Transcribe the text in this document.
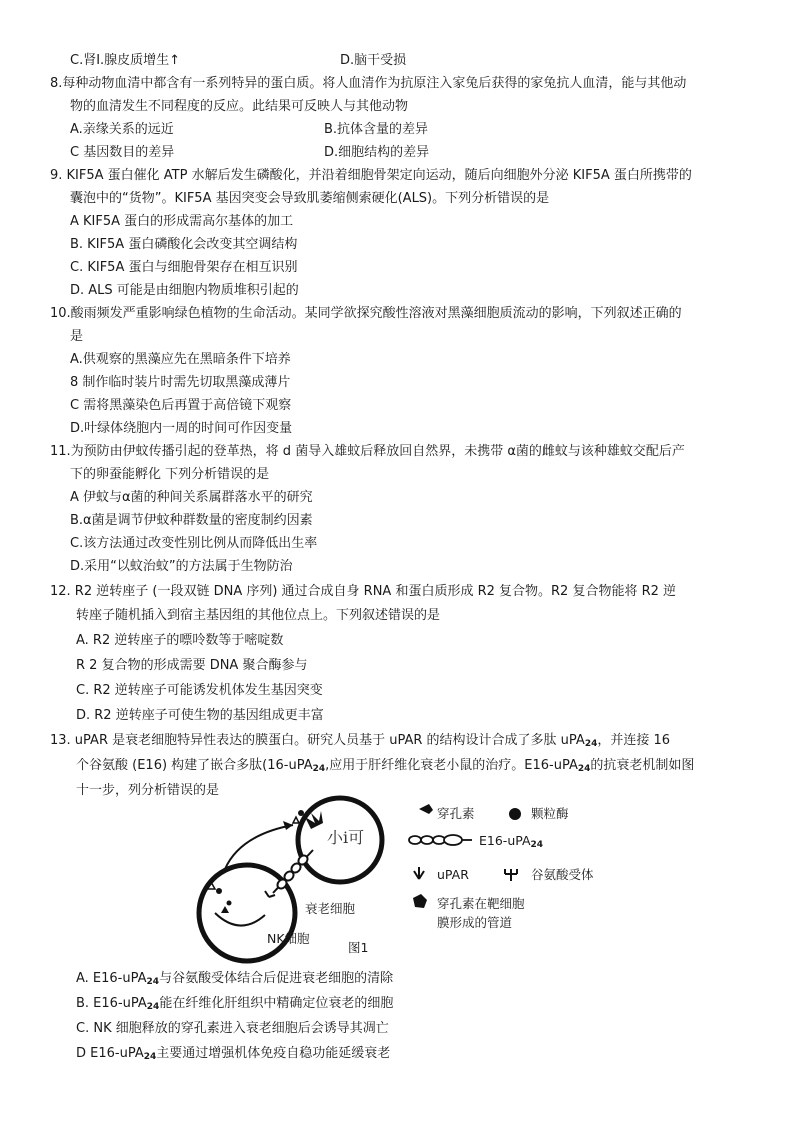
C.肾Ⅰ.腺皮质增生↑	D.脑干受损
8.每种动物血清中都含有一系列特异的蛋白质。将人血清作为抗原注入家兔后获得的家兔抗人血清，能与其他动
物的血清发生不同程度的反应。此结果可反映人与其他动物
A.亲缘关系的远近	B.抗体含量的差异
C 基因数目的差异	D.细胞结构的差异
9. KIF5A 蛋白催化 ATP 水解后发生磷酸化，并沿着细胞骨架定向运动，随后向细胞外分泌 KIF5A 蛋白所携带的
囊泡中的“货物”。KIF5A 基因突变会导致肌萎缩侧索硬化(ALS)。下列分析错误的是
A KIF5A 蛋白的形成需高尔基体的加工
B. KIF5A 蛋白磷酸化会改变其空调结构
C. KIF5A 蛋白与细胞骨架存在相互识别
D. ALS 可能是由细胞内物质堆积引起的
10.酸雨频发严重影响绿色植物的生命活动。某同学欲探究酸性溶液对黑藻细胞质流动的影响，下列叙述正确的
是
A.供观察的黑藻应先在黑暗条件下培养
8 制作临时装片时需先切取黑藻成薄片
C 需将黑藻染色后再置于高倍镜下观察
D.叶绿体绕胞内一周的时间可作因变量
11.为预防由伊蚊传播引起的登革热，将 d 菌导入雄蚊后释放回自然界，未携带 α菌的雌蚊与该种雄蚊交配后产
下的卵蚕能孵化 下列分析错误的是
A 伊蚊与α菌的种间关系属群落水平的研究
B.α菌是调节伊蚊种群数量的密度制约因素
C.该方法通过改变性别比例从而降低出生率
D.采用“以蚊治蚊”的方法属于生物防治
12. R2 逆转座子 (一段双链 DNA 序列) 通过合成自身 RNA 和蛋白质形成 R2 复合物。R2 复合物能将 R2 逆
转座子随机插入到宿主基因组的其他位点上。下列叙述错误的是
A. R2 逆转座子的嘌呤数等于嘧啶数
R 2 复合物的形成需要 DNA 聚合酶参与
C. R2 逆转座子可能诱发机体发生基因突变
D. R2 逆转座子可使生物的基因组成更丰富
13. uPAR 是衰老细胞特异性表达的膜蛋白。研究人员基于 uPAR 的结构设计合成了多肽 uPA$_{24}$，并连接 16
个谷氨酸 (E16) 构建了嵌合多肽(16-uPA$_{24}$,应用于肝纤维化衰老小鼠的治疗。E16-uPA$_{24}$的抗衰老机制如图
十一步，列分析错误的是
小i可
衰老细胞
NK细胞
图1
穿孔素	颗粒酶
E16-uPA$_{24}$
uPAR	谷氨酸受体
穿孔素在靶细胞
膜形成的管道
A. E16-uPA$_{24}$与谷氨酸受体结合后促进衰老细胞的清除
B. E16-uPA$_{24}$能在纤维化肝组织中精确定位衰老的细胞
C. NK 细胞释放的穿孔素进入衰老细胞后会诱导其凋亡
D E16-uPA$_{24}$主要通过增强机体免疫自稳功能延缓衰老
